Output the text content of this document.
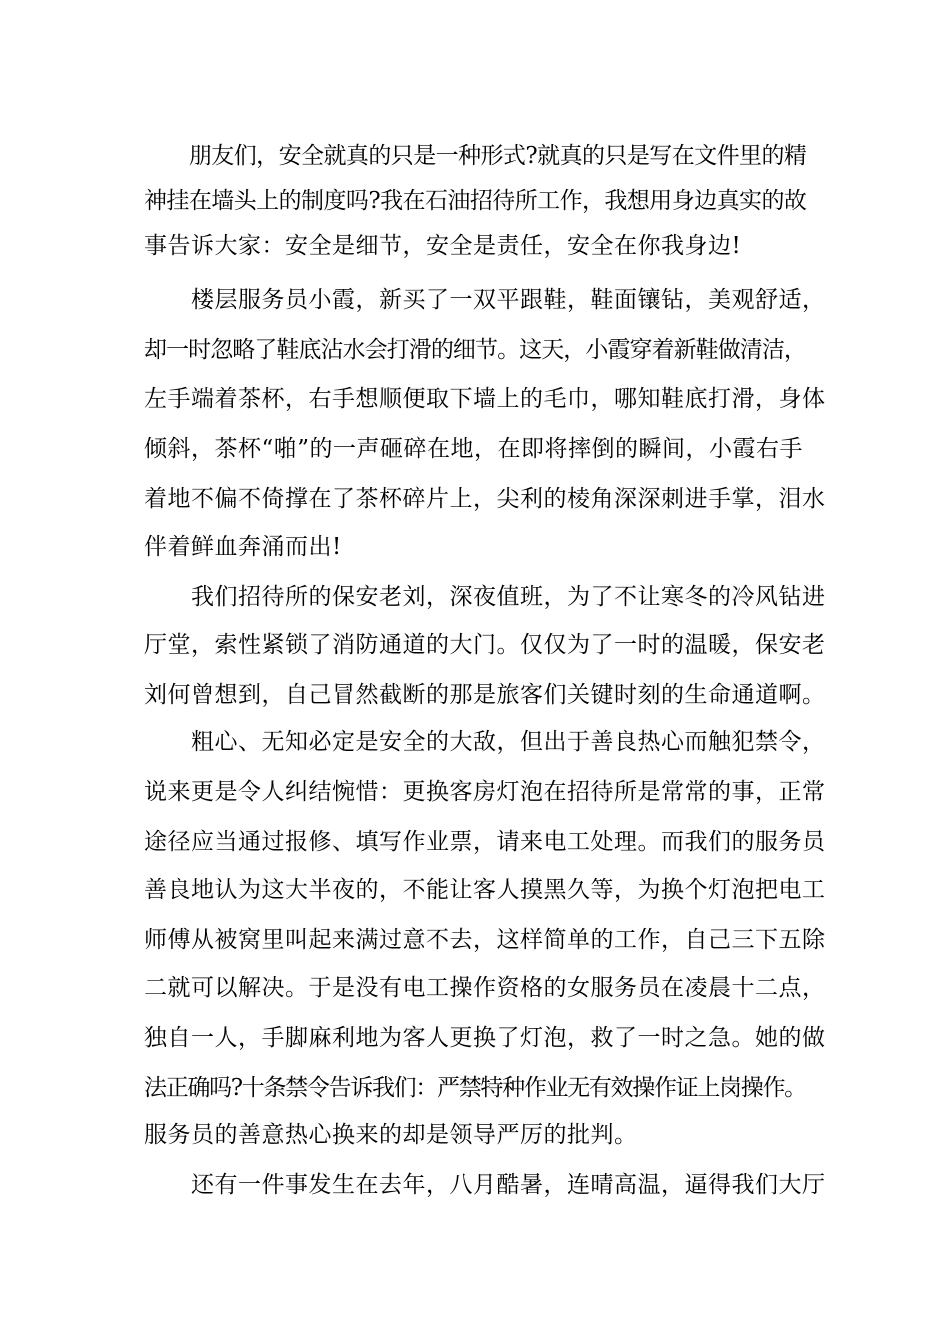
　　朋友们，安全就真的只是一种形式?就真的只是写在文件里的精
神挂在墙头上的制度吗?我在石油招待所工作，我想用身边真实的故
事告诉大家：安全是细节，安全是责任，安全在你我身边!
　　楼层服务员小霞，新买了一双平跟鞋，鞋面镶钻，美观舒适，
却一时忽略了鞋底沾水会打滑的细节。这天，小霞穿着新鞋做清洁，
左手端着茶杯，右手想顺便取下墙上的毛巾，哪知鞋底打滑，身体
倾斜，茶杯“啪”的一声砸碎在地，在即将摔倒的瞬间，小霞右手
着地不偏不倚撑在了茶杯碎片上，尖利的棱角深深刺进手掌，泪水
伴着鲜血奔涌而出!
　　我们招待所的保安老刘，深夜值班，为了不让寒冬的冷风钻进
厅堂，索性紧锁了消防通道的大门。仅仅为了一时的温暖，保安老
刘何曾想到，自己冒然截断的那是旅客们关键时刻的生命通道啊。
　　粗心、无知必定是安全的大敌，但出于善良热心而触犯禁令，
说来更是令人纠结惋惜：更换客房灯泡在招待所是常常的事，正常
途径应当通过报修、填写作业票，请来电工处理。而我们的服务员
善良地认为这大半夜的，不能让客人摸黑久等，为换个灯泡把电工
师傅从被窝里叫起来满过意不去，这样简单的工作，自己三下五除
二就可以解决。于是没有电工操作资格的女服务员在凌晨十二点，
独自一人，手脚麻利地为客人更换了灯泡，救了一时之急。她的做
法正确吗?十条禁令告诉我们：严禁特种作业无有效操作证上岗操作。
服务员的善意热心换来的却是领导严厉的批判。
　　还有一件事发生在去年，八月酷暑，连晴高温，逼得我们大厅
